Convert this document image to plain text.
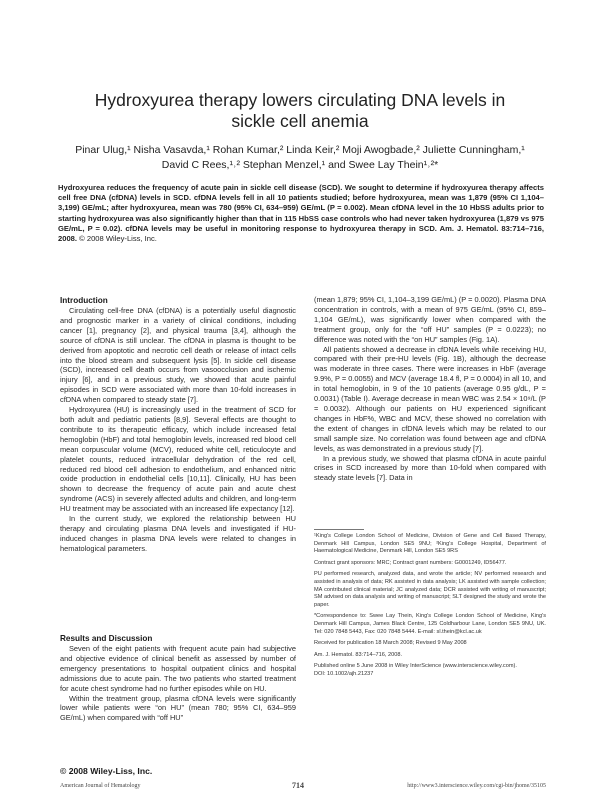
Hydroxyurea therapy lowers circulating DNA levels in
sickle cell anemia
Pinar Ulug,¹ Nisha Vasavda,¹ Rohan Kumar,² Linda Keir,² Moji Awogbade,² Juliette Cunningham,¹
David C Rees,¹˒² Stephan Menzel,¹ and Swee Lay Thein¹˒²*
Hydroxyurea reduces the frequency of acute pain in sickle cell disease (SCD). We sought to determine if hydroxyurea therapy affects cell free DNA (cfDNA) levels in SCD. cfDNA levels fell in all 10 patients studied; before hydroxyurea, mean was 1,879 (95% CI 1,104–3,199) GE/mL; after hydroxyurea, mean was 780 (95% CI, 634–959) GE/mL (P = 0.002). Mean cfDNA level in the 10 HbSS adults prior to starting hydroxyurea was also significantly higher than that in 115 HbSS case controls who had never taken hydroxyurea (1,879 vs 975 GE/mL, P = 0.02). cfDNA levels may be useful in monitoring response to hydroxyurea therapy in SCD. Am. J. Hematol. 83:714–716, 2008. © 2008 Wiley-Liss, Inc.
Introduction

Circulating cell-free DNA (cfDNA) is a potentially useful diagnostic and prognostic marker in a variety of clinical conditions, including cancer [1], pregnancy [2], and physical trauma [3,4], although the source of cfDNA is still unclear. The cfDNA in plasma is thought to be derived from apoptotic and necrotic cell death or release of intact cells into the blood stream and subsequent lysis [5]. In sickle cell disease (SCD), increased cell death occurs from vasoocclusion and ischemic injury [6], and in a previous study, we showed that acute painful episodes in SCD were associated with more than 10-fold increases in cfDNA when compared to steady state [7].

Hydroxyurea (HU) is increasingly used in the treatment of SCD for both adult and pediatric patients [8,9]. Several effects are thought to contribute to its therapeutic efficacy, which include increased fetal hemoglobin (HbF) and total hemoglobin levels, increased red blood cell mean corpuscular volume (MCV), reduced white cell, reticulocyte and platelet counts, reduced intracellular dehydration of the red cell, reduced red blood cell adhesion to endothelium, and enhanced nitric oxide production in endothelial cells [10,11]. Clinically, HU has been shown to decrease the frequency of acute pain and acute chest syndrome (ACS) in severely affected adults and children, and long-term HU treatment may be associated with an increased life expectancy [12].

In the current study, we explored the relationship between HU therapy and circulating plasma DNA levels and investigated if HU-induced changes in plasma DNA levels were related to changes in hematological parameters.

Results and Discussion

Seven of the eight patients with frequent acute pain had subjective and objective evidence of clinical benefit as assessed by number of emergency presentations to hospital outpatient clinics and hospital admissions due to acute pain. The two patients who started treatment for acute chest syndrome had no further episodes while on HU.

Within the treatment group, plasma cfDNA levels were significantly lower while patients were “on HU” (mean 780; 95% CI, 634–959 GE/mL) when compared with “off HU”

(mean 1,879; 95% CI, 1,104–3,199 GE/mL) (P = 0.0020). Plasma DNA concentration in controls, with a mean of 975 GE/mL (95% CI, 859–1,104 GE/mL), was significantly lower when compared with the treatment group, only for the “off HU” samples (P = 0.0223); no difference was noted with the “on HU” samples (Fig. 1A).

All patients showed a decrease in cfDNA levels while receiving HU, compared with their pre-HU levels (Fig. 1B), although the decrease was moderate in three cases. There were increases in HbF (average 9.9%, P = 0.0055) and MCV (average 18.4 fl, P = 0.0004) in all 10, and in total hemoglobin, in 9 of the 10 patients (average 0.95 g/dL, P = 0.0031) (Table I). Average decrease in mean WBC was 2.54 × 10⁹/L (P = 0.0032). Although our patients on HU experienced significant changes in HbF%, WBC and MCV, these showed no correlation with the extent of changes in cfDNA levels which may be related to our small sample size. No correlation was found between age and cfDNA levels, as was demonstrated in a previous study [7].

In a previous study, we showed that plasma cfDNA in acute painful crises in SCD increased by more than 10-fold when compared with steady state levels [7]. Data in

¹King's College London School of Medicine, Division of Gene and Cell Based Therapy, Denmark Hill Campus, London SE5 9NU; ²King's College Hospital, Department of Haematological Medicine, Denmark Hill, London SE5 9RS

Contract grant sponsors: MRC; Contract grant numbers: G0001249, ID56477.

PU performed research, analyzed data, and wrote the article; NV performed research and assisted in analysis of data; RK assisted in data analysis; LK assisted with sample collection; MA contributed clinical material; JC analyzed data; DCR assisted with writing of manuscript; SM advised on data analysis and writing of manuscript; SLT designed the study and wrote the paper.

*Correspondence to: Swee Lay Thein, King's College London School of Medicine, King's Denmark Hill Campus, James Black Centre, 125 Coldharbour Lane, London SE5 9NU, UK. Tel: 020 7848 5443, Fax: 020 7848 5444. E-mail: sl.thein@kcl.ac.uk

Received for publication 18 March 2008; Revised 9 May 2008

Am. J. Hematol. 83:714–716, 2008.

Published online 5 June 2008 in Wiley InterScience (www.interscience.wiley.com).

DOI: 10.1002/ajh.21237

© 2008 Wiley-Liss, Inc.
American Journal of Hematology	714	http://www3.interscience.wiley.com/cgi-bin/jhome/35105
